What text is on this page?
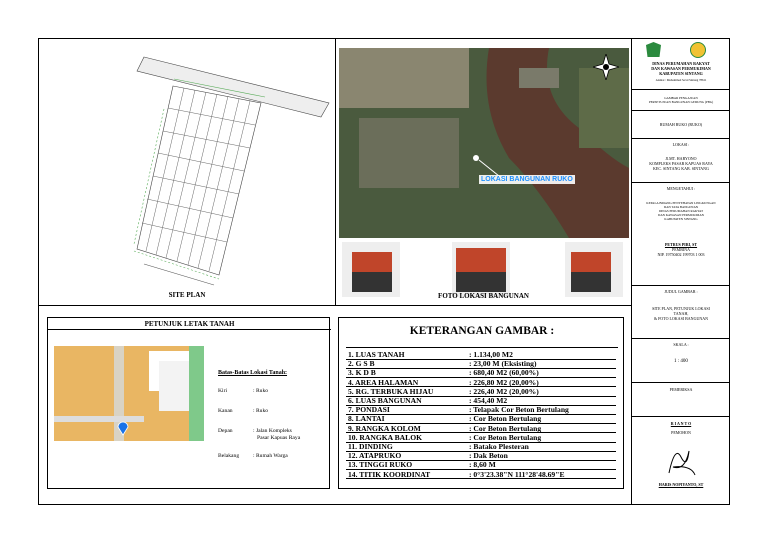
SITE PLAN
LOKASI BANGUNAN RUKO
FOTO LOKASI BANGUNAN
PETUNJUK LETAK TANAH
Batas-Batas Lokasi Tanah:
Kiri	: Ruko
Kanan	: Ruko
Depan	: Jalan Kompleks
Pasar Kapuas Raya
Belakang : Rumah Warga
KETERANGAN GAMBAR :
1. LUAS TANAH	: 1.134,00 M2
2. G S B	: 23,00 M (Eksisting)
3. K D B	: 680,40 M2 (60,00%)
4. AREA HALAMAN	: 226,80 M2 (20,00%)
5. RG. TERBUKA HIJAU	: 226,40 M2 (20,00%)
6. LUAS BANGUNAN	: 454,40 M2
7. PONDASI	: Telapak Cor Beton Bertulang
8. LANTAI	: Cor Beton Bertulang
9. RANGKA KOLOM	: Cor Beton Bertulang
10. RANGKA BALOK	: Cor Beton Bertulang
11. DINDING	: Batako Plesteran
12. ATAPRUKO	: Dak Beton
13. TINGGI RUKO	: 8,60 M
14. TITIK KOORDINAT	: 0°3'23.38"N 111°28'48.69"E
DINAS PERUMAHAN RAKYAT
DAN KAWASAN PERMUKIMAN
KABUPATEN SINTANG
Alamat : Muhammad Sa'ad Sintang 78611
GAMBAR PENGAJUAN
PERSETUJUAN BANGUNAN GEDUNG (PBG)
RUMAH RUKO (RUKO)
LOKASI :
Jl.MT. HARYONO
KOMPLEKS PASAR KAPUAS RAYA
KEC. SINTANG KAB. SINTANG
MENGETAHUI :
KEPALA BIDANG PENYEHATAN LINGKUNGAN
DAN TATA BANGUNAN
DINAS PERUMAHAN RAKYAT
DAN KAWASAN PERMUKIMAN
KABUPATEN SINTANG
PETRUS PIRI, ST
PEMBINA
NIP. 19750402 199703 1 003
JUDUL GAMBAR :
SITE PLAN, PETUNJUK LOKASI
TANAH,
& FOTO LOKASI BANGUNAN
SKALA :
1 : 400
PEMERIKSA
R I A N T O
PEMOHON
HARIS NOPIYANTO, ST
